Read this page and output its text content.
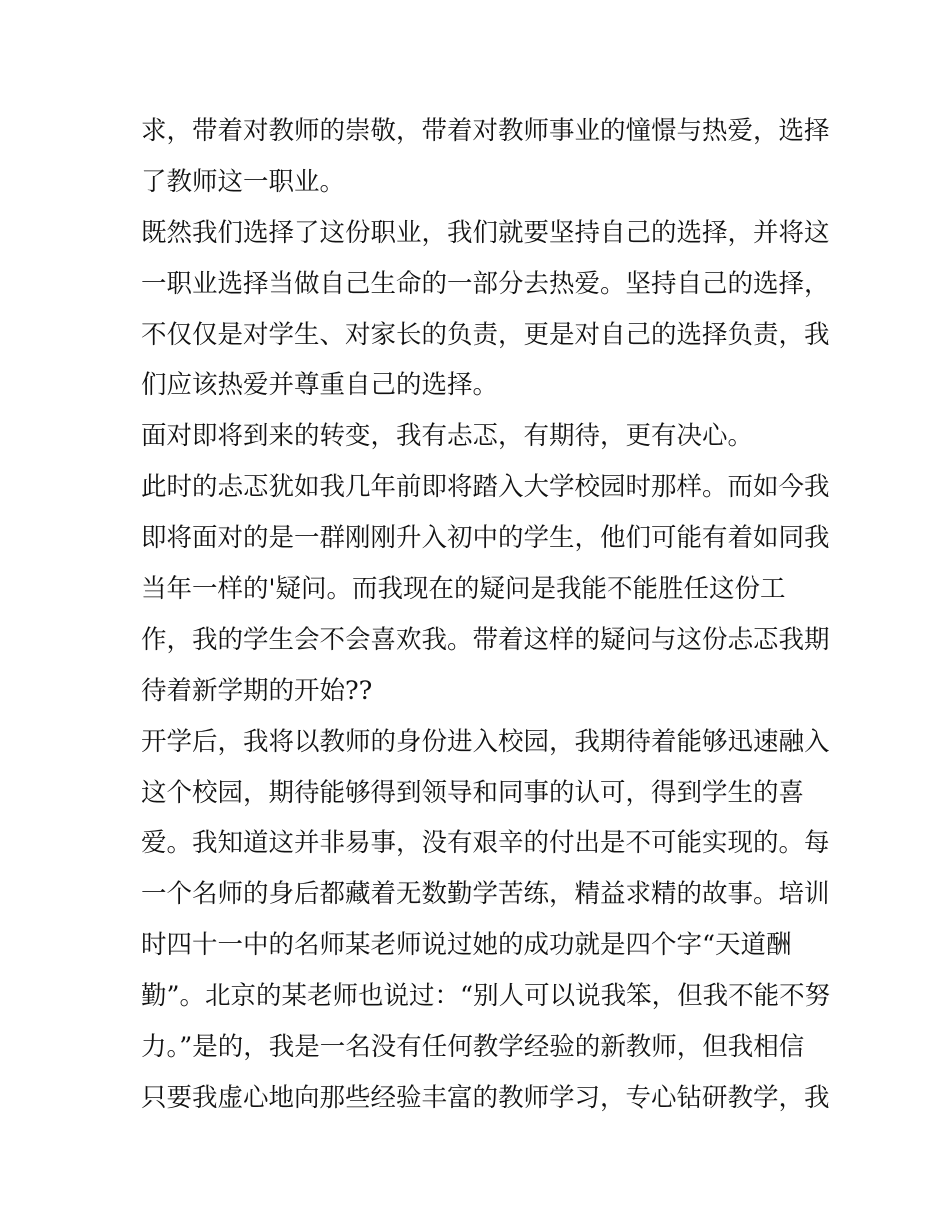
求，带着对教师的崇敬，带着对教师事业的憧憬与热爱，选择
了教师这一职业。
既然我们选择了这份职业，我们就要坚持自己的选择，并将这
一职业选择当做自己生命的一部分去热爱。坚持自己的选择，
不仅仅是对学生、对家长的负责，更是对自己的选择负责，我
们应该热爱并尊重自己的选择。
面对即将到来的转变，我有忐忑，有期待，更有决心。
此时的忐忑犹如我几年前即将踏入大学校园时那样。而如今我
即将面对的是一群刚刚升入初中的学生，他们可能有着如同我
当年一样的'疑问。而我现在的疑问是我能不能胜任这份工
作，我的学生会不会喜欢我。带着这样的疑问与这份忐忑我期
待着新学期的开始??
开学后，我将以教师的身份进入校园，我期待着能够迅速融入
这个校园，期待能够得到领导和同事的认可，得到学生的喜
爱。我知道这并非易事，没有艰辛的付出是不可能实现的。每
一个名师的身后都藏着无数勤学苦练，精益求精的故事。培训
时四十一中的名师某老师说过她的成功就是四个字“天道酬
勤”。北京的某老师也说过：“别人可以说我笨，但我不能不努
力。”是的，我是一名没有任何教学经验的新教师，但我相信
只要我虚心地向那些经验丰富的教师学习，专心钻研教学，我
